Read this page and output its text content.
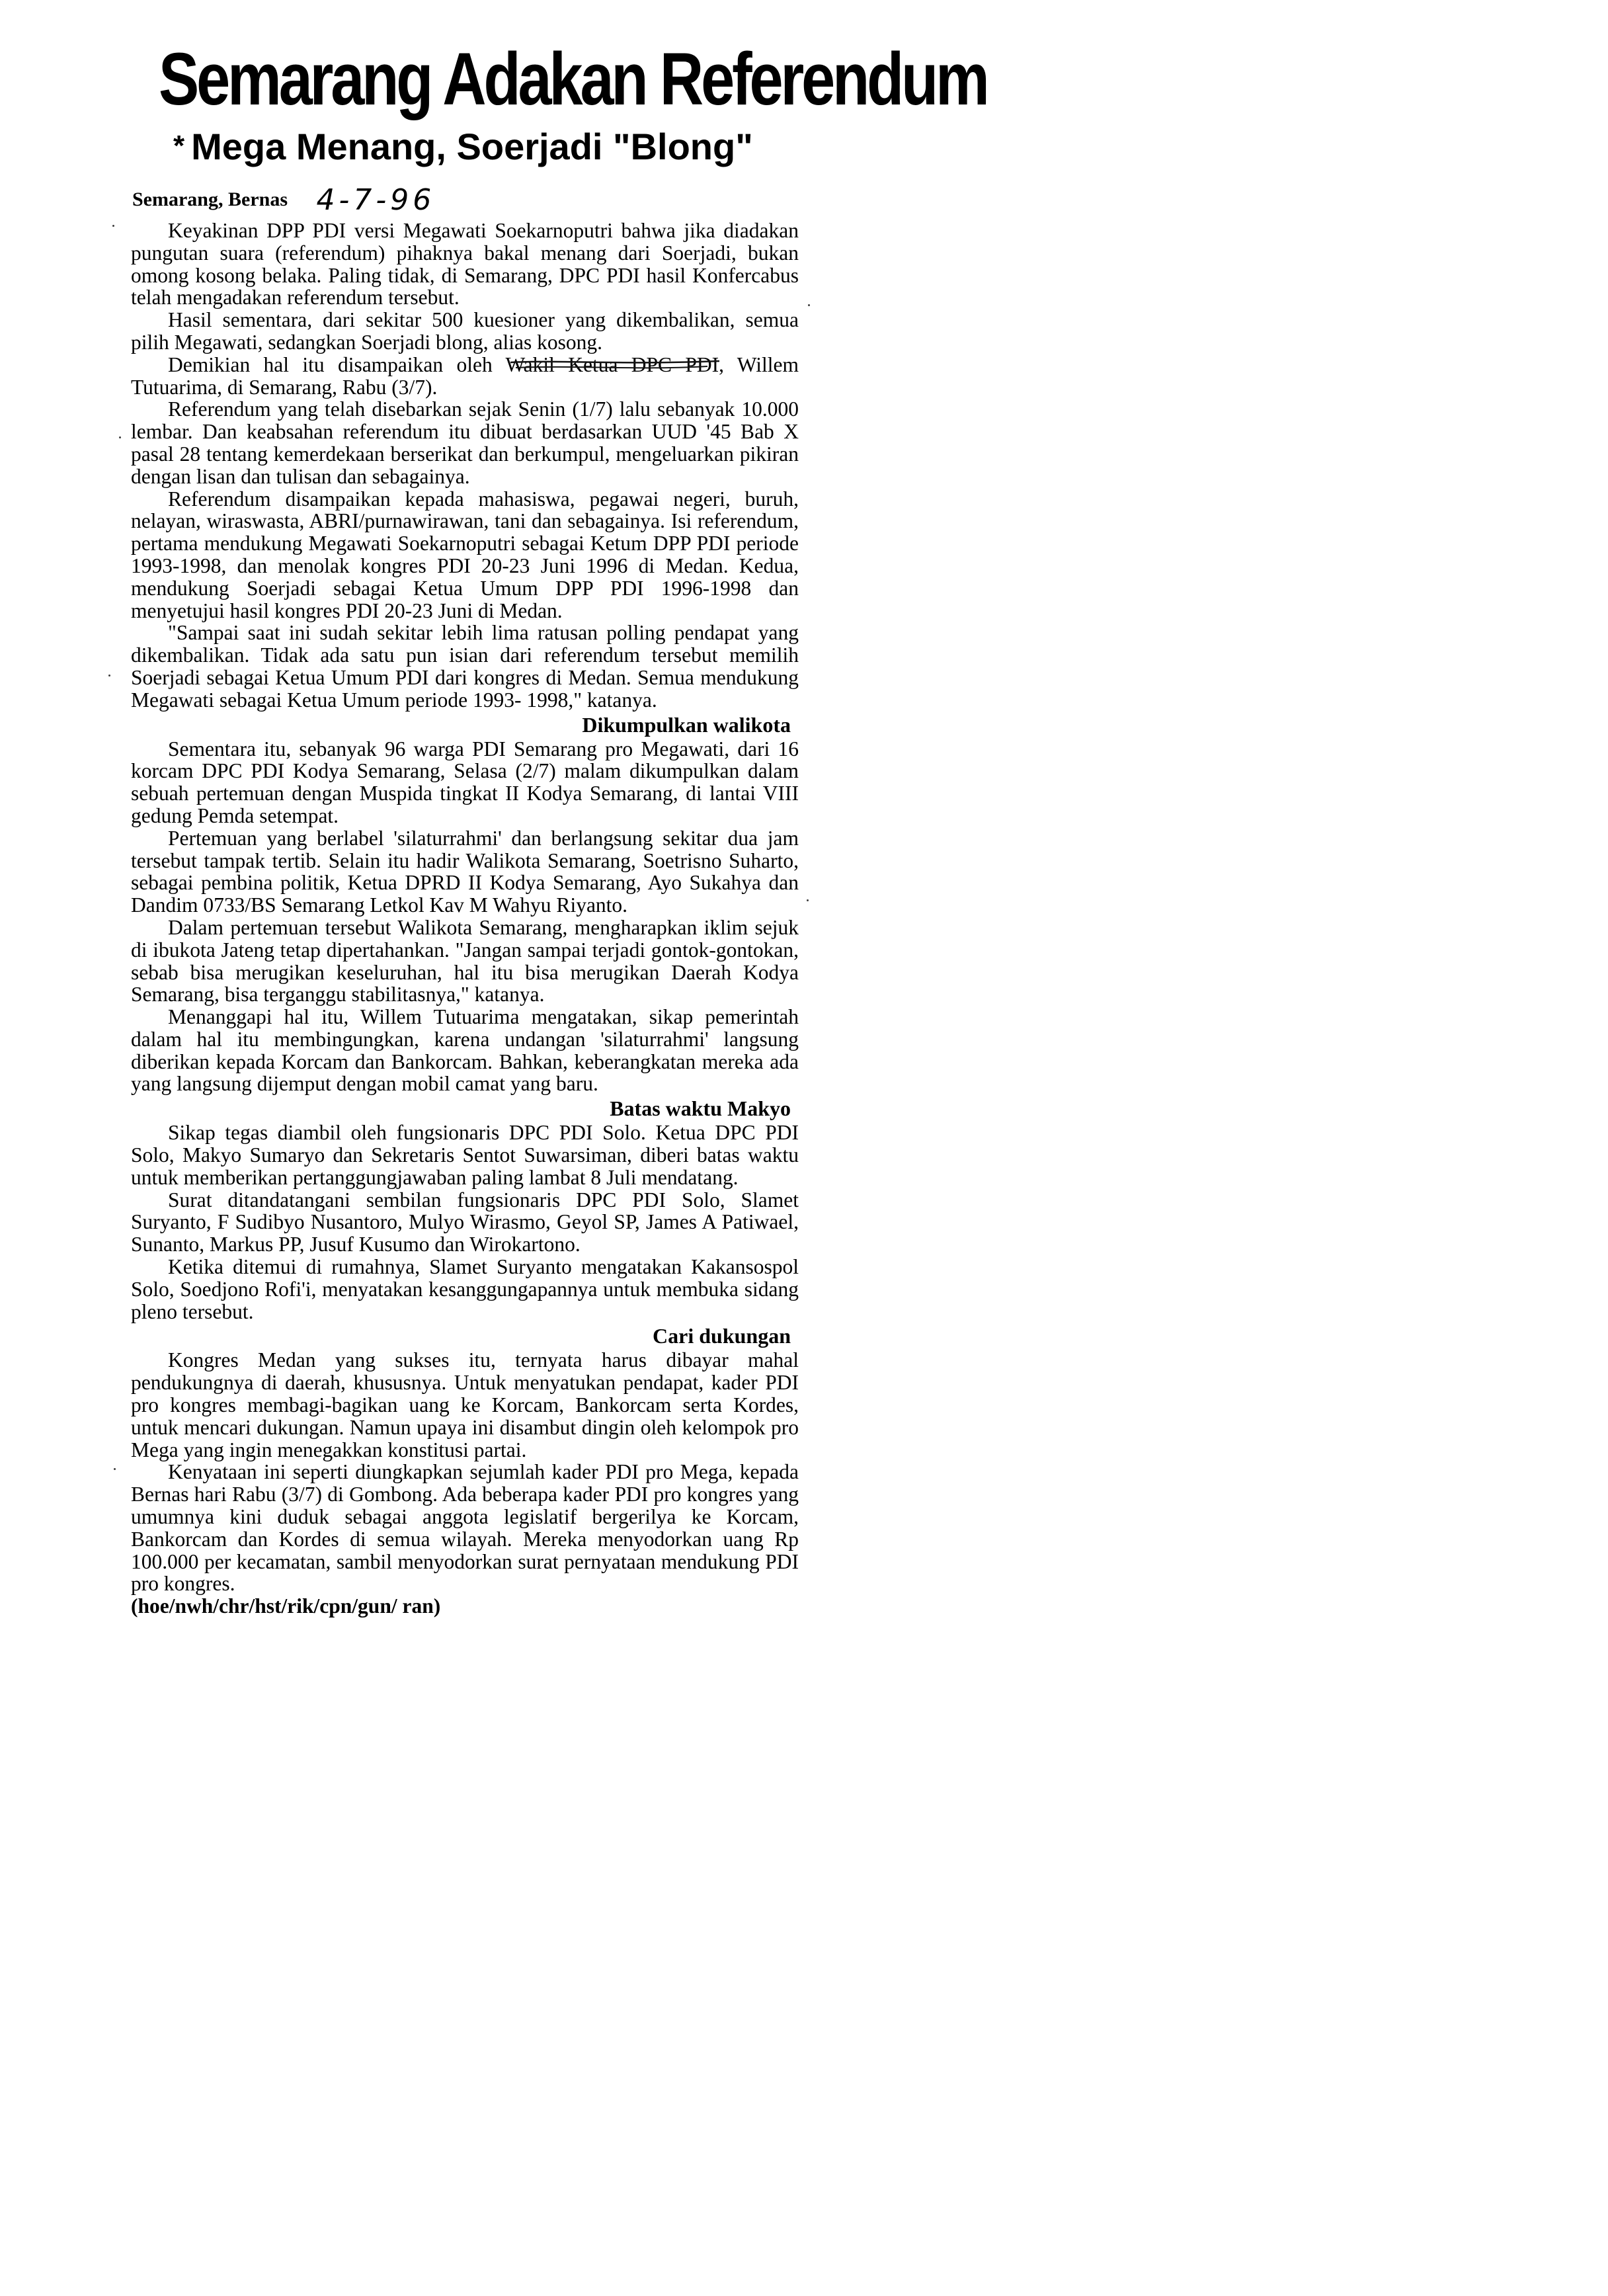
Semarang Adakan Referendum
* Mega Menang, Soerjadi "Blong"
Semarang, Bernas 4-7-96

Keyakinan DPP PDI versi Megawati Soekarnoputri bahwa jika diadakan pungutan suara (referendum) pihaknya bakal menang dari Soerjadi, bukan omong kosong belaka. Paling tidak, di Semarang, DPC PDI hasil Konfercabus telah mengadakan referendum tersebut.

Hasil sementara, dari sekitar 500 kuesioner yang dikembalikan, semua pilih Megawati, sedangkan Soerjadi blong, alias kosong.

Demikian hal itu disampaikan oleh Wakil Ketua DPC PDI, Willem Tutuarima, di Semarang, Rabu (3/7).

Referendum yang telah disebarkan sejak Senin (1/7) lalu sebanyak 10.000 lembar. Dan keabsahan referendum itu dibuat berdasarkan UUD '45 Bab X pasal 28 tentang kemerdekaan berserikat dan berkumpul, mengeluarkan pikiran dengan lisan dan tulisan dan sebagainya.

Referendum disampaikan kepada mahasiswa, pegawai negeri, buruh, nelayan, wiraswasta, ABRI/purnawirawan, tani dan sebagainya. Isi referendum, pertama mendukung Megawati Soekarnoputri sebagai Ketum DPP PDI periode 1993-1998, dan menolak kongres PDI 20-23 Juni 1996 di Medan. Kedua, mendukung Soerjadi sebagai Ketua Umum DPP PDI 1996-1998 dan menyetujui hasil kongres PDI 20-23 Juni di Medan.

"Sampai saat ini sudah sekitar lebih lima ratusan polling pendapat yang dikembalikan. Tidak ada satu pun isian dari referendum tersebut memilih Soerjadi sebagai Ketua Umum PDI dari kongres di Medan. Semua mendukung Megawati sebagai Ketua Umum periode 1993- 1998," katanya.

Dikumpulkan walikota

Sementara itu, sebanyak 96 warga PDI Semarang pro Megawati, dari 16 korcam DPC PDI Kodya Semarang, Selasa (2/7) malam dikumpulkan dalam sebuah pertemuan dengan Muspida tingkat II Kodya Semarang, di lantai VIII gedung Pemda setempat.

Pertemuan yang berlabel 'silaturrahmi' dan berlangsung sekitar dua jam tersebut tampak tertib. Selain itu hadir Walikota Semarang, Soetrisno Suharto, sebagai pembina politik, Ketua DPRD II Kodya Semarang, Ayo Sukahya dan Dandim 0733/BS Semarang Letkol Kav M Wahyu Riyanto.

Dalam pertemuan tersebut Walikota Semarang, mengharapkan iklim sejuk di ibukota Jateng tetap dipertahankan. "Jangan sampai terjadi gontok-gontokan, sebab bisa merugikan keseluruhan, hal itu bisa merugikan Daerah Kodya Semarang, bisa terganggu stabilitasnya," katanya.

Menanggapi hal itu, Willem Tutuarima mengatakan, sikap pemerintah dalam hal itu membingungkan, karena undangan 'silaturrahmi' langsung diberikan kepada Korcam dan Bankorcam. Bahkan, keberangkatan mereka ada yang langsung dijemput dengan mobil camat yang baru.

Batas waktu Makyo

Sikap tegas diambil oleh fungsionaris DPC PDI Solo. Ketua DPC PDI Solo, Makyo Sumaryo dan Sekretaris Sentot Suwarsiman, diberi batas waktu untuk memberikan pertanggungjawaban paling lambat 8 Juli mendatang.

Surat ditandatangani sembilan fungsionaris DPC PDI Solo, Slamet Suryanto, F Sudibyo Nusantoro, Mulyo Wirasmo, Geyol SP, James A Patiwael, Sunanto, Markus PP, Jusuf Kusumo dan Wirokartono.

Ketika ditemui di rumahnya, Slamet Suryanto mengatakan Kakansospol Solo, Soedjono Rofi'i, menyatakan kesanggungapannya untuk membuka sidang pleno tersebut.

Cari dukungan

Kongres Medan yang sukses itu, ternyata harus dibayar mahal pendukungnya di daerah, khususnya. Untuk menyatukan pendapat, kader PDI pro kongres membagi-bagikan uang ke Korcam, Bankorcam serta Kordes, untuk mencari dukungan. Namun upaya ini disambut dingin oleh kelompok pro Mega yang ingin menegakkan konstitusi partai.

Kenyataan ini seperti diungkapkan sejumlah kader PDI pro Mega, kepada Bernas hari Rabu (3/7) di Gombong. Ada beberapa kader PDI pro kongres yang umumnya kini duduk sebagai anggota legislatif bergerilya ke Korcam, Bankorcam dan Kordes di semua wilayah. Mereka menyodorkan uang Rp 100.000 per kecamatan, sambil menyodorkan surat pernyataan mendukung PDI pro kongres.

(hoe/nwh/chr/hst/rik/cpn/gun/ ran)
